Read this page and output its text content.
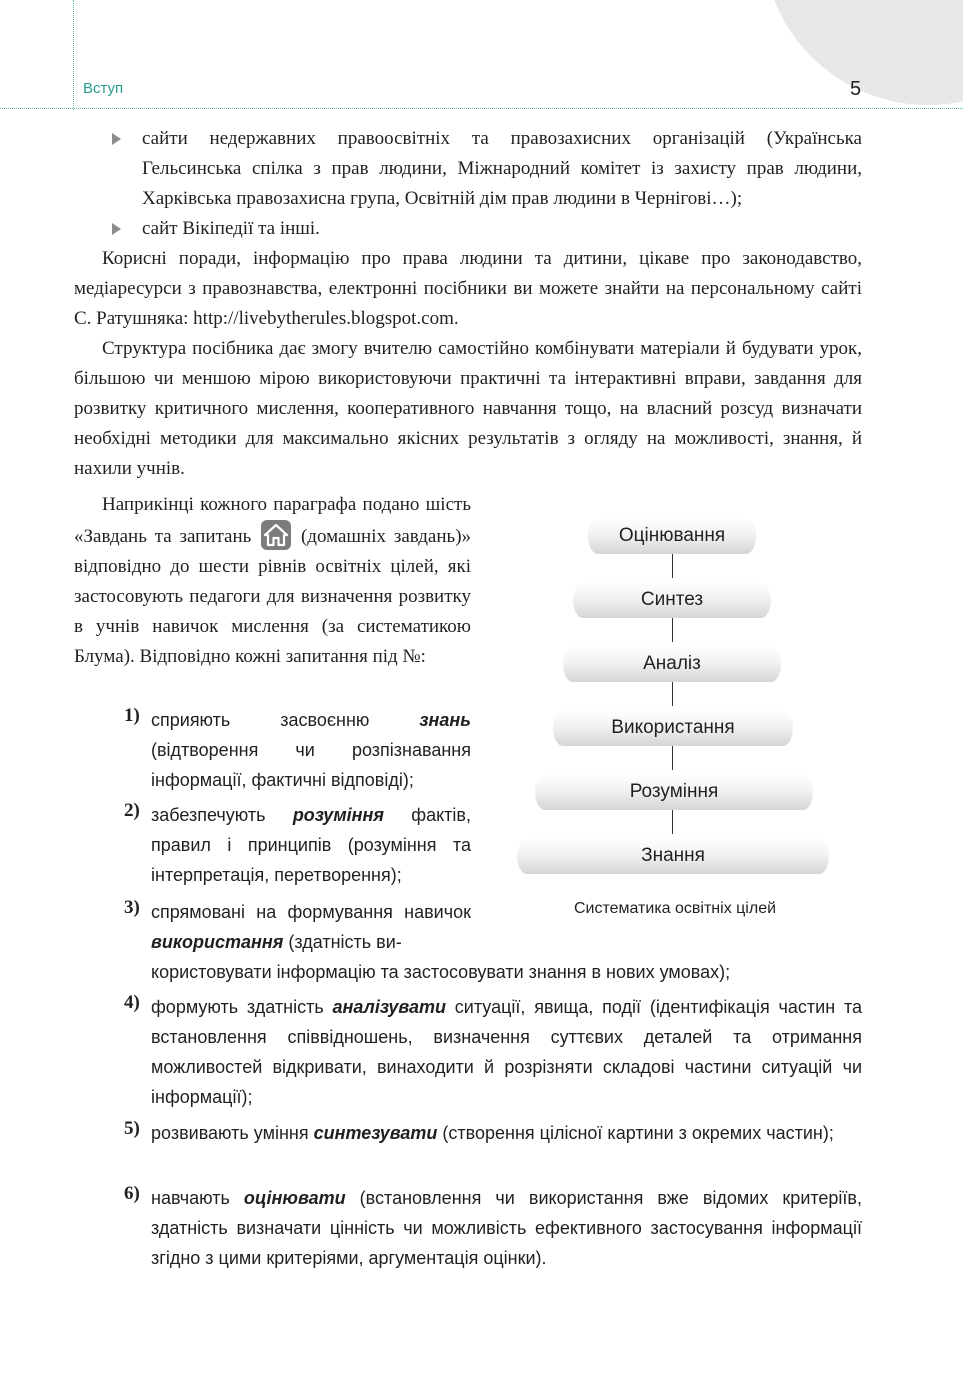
Вступ	5

сайти недержавних правоосвітніх та правозахисних організацій (Українська Гельсинська спілка з прав людини, Міжнародний комітет із захисту прав людини, Харківська правозахисна група, Освітній дім прав людини в Чернігові…);

сайт Вікіпедії та інші.

Корисні поради, інформацію про права людини та дитини, цікаве про законодавство, медіаресурси з правознавства, електронні посібники ви можете знайти на персональному сайті С. Ратушняка: http://livebytherules.blogspot.com.

Структура посібника дає змогу вчителю самостійно комбінувати матеріали й будувати урок, більшою чи меншою мірою використовуючи практичні та інтерактивні вправи, завдання для розвитку критичного мислення, кооперативного навчання тощо, на власний розсуд визначати необхідні методики для максимально якісних результатів з огляду на можливості, знання, й нахили учнів.

Наприкінці кожного параграфа подано шість «Завдань та запитань	(домашніх завдань)» відповідно до шести рівнів освітніх цілей, які застосовують педагоги для визначення розвитку в учнів навичок мислення (за систематикою Блума). Відповідно кожні запитання під №:

1) сприяють засвоєнню знань (відтворення чи розпізнавання інформації, фактичні відповіді);

2) забезпечують розуміння фактів, правил і принципів (розуміння та інтерпретація, перетворення);

3) спрямовані на формування навичок використання (здатність ви-

користовувати інформацію та застосовувати знання в нових умовах);

4) формують здатність аналізувати ситуації, явища, події (ідентифікація частин та встановлення співвідношень, визначення суттєвих деталей та отримання можливостей відкривати, винаходити й розрізняти складові частини ситуацій чи інформації);

5) розвивають уміння синтезувати (створення цілісної картини з окремих частин);

6) навчають оцінювати (встановлення чи використання вже відомих критеріїв, здатність визначати цінність чи можливість ефективного застосування інформації згідно з цими критеріями, аргументація оцінки).

Оцінювання
Синтез
Аналіз
Використання
Розуміння
Знання
Систематика освітніх цілей
